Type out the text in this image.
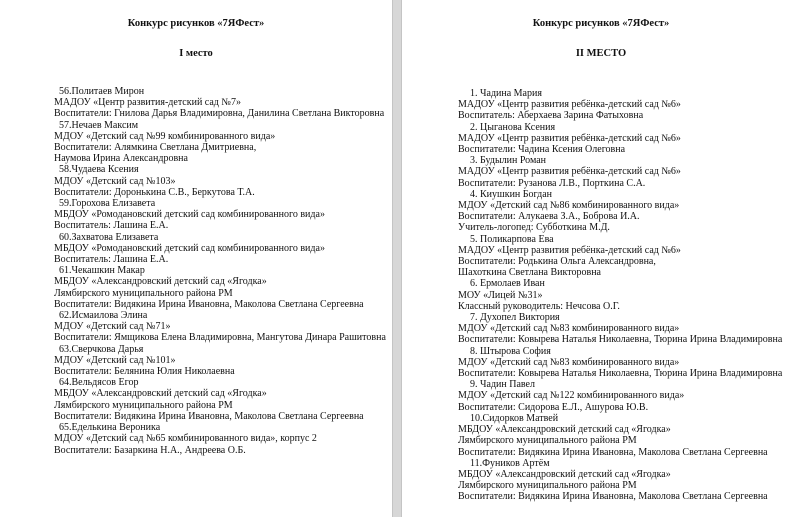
Конкурс рисунков «7ЯФест»
I место
56.Политаев Мирон
МАДОУ «Центр развития-детский сад №7»
Воспитатели: Гнилова Дарья Владимировна, Данилина Светлана Викторовна
57.Нечаев Максим
МДОУ «Детский сад №99 комбинированного вида»
Воспитатели: Алямкина Светлана Дмитриевна,
Наумова Ирина Александровна
58.Чудаева Ксения
МДОУ «Детский сад №103»
Воспитатели: Доронькина С.В., Беркутова Т.А.
59.Горохова Елизавета
МБДОУ «Ромодановский детский сад комбинированного вида»
Воспитатель: Лашина Е.А.
60.Захватова Елизавета
МБДОУ «Ромодановский детский сад комбинированного вида»
Воспитатель: Лашина Е.А.
61.Чекашкин Макар
МБДОУ «Александровский детский сад «Ягодка»
Лямбирского муниципального района РМ
Воспитатели: Видякина Ирина Ивановна, Маколова Светлана Сергеевна
62.Исмаилова Элина
МДОУ «Детский сад №71»
Воспитатели: Ямщикова Елена Владимировна, Мангутова Динара Рашитовна
63.Сверчкова Дарья
МДОУ «Детский сад №101»
Воспитатели: Белянина Юлия Николаевна
64.Вельдясов Егор
МБДОУ «Александровский детский сад «Ягодка»
Лямбирского муниципального района РМ
Воспитатели: Видякина Ирина Ивановна, Маколова Светлана Сергеевна
65.Еделькина Вероника
МДОУ «Детский сад №65 комбинированного вида», корпус 2
Воспитатели: Базаркина Н.А., Андреева О.Б.
Конкурс рисунков «7ЯФест»
II МЕСТО
1. Чадина Мария
МАДОУ «Центр развития ребёнка-детский сад №6»
Воспитатель: Аберхаева Зарина Фатыховна
2. Цыганова Ксения
МАДОУ «Центр развития ребёнка-детский сад №6»
Воспитатели: Чадина Ксения Олеговна
3. Будылин Роман
МАДОУ «Центр развития ребёнка-детский сад №6»
Воспитатели: Рузанова Л.В., Порткина С.А.
4. Киушкин Богдан
МДОУ «Детский сад №86 комбинированного вида»
Воспитатели: Алукаева З.А., Боброва И.А.
Учитель-логопед: Субботкина М.Д.
5. Поликарпова Ева
МАДОУ «Центр развития ребёнка-детский сад №6»
Воспитатели: Родькина Ольга Александровна,
Шахоткина Светлана Викторовна
6. Ермолаев Иван
МОУ «Лицей №31»
Классный руководитель: Нечсова О.Г.
7. Духопел Виктория
МДОУ «Детский сад №83 комбинированного вида»
Воспитатели: Ковырева Наталья Николаевна, Тюрина Ирина Владимировна
8. Штырова София
МДОУ «Детский сад №83 комбинированного вида»
Воспитатели: Ковырева Наталья Николаевна, Тюрина Ирина Владимировна
9. Чадин Павел
МДОУ «Детский сад №122 комбинированного вида»
Воспитатели: Сидорова Е.Л., Ашурова Ю.В.
10.Сидорков Матвей
МБДОУ «Александровский детский сад «Ягодка»
Лямбирского муниципального района РМ
Воспитатели: Видякина Ирина Ивановна, Маколова Светлана Сергеевна
11.Фуников Артём
МБДОУ «Александровский детский сад «Ягодка»
Лямбирского муниципального района РМ
Воспитатели: Видякина Ирина Ивановна, Маколова Светлана Сергеевна
